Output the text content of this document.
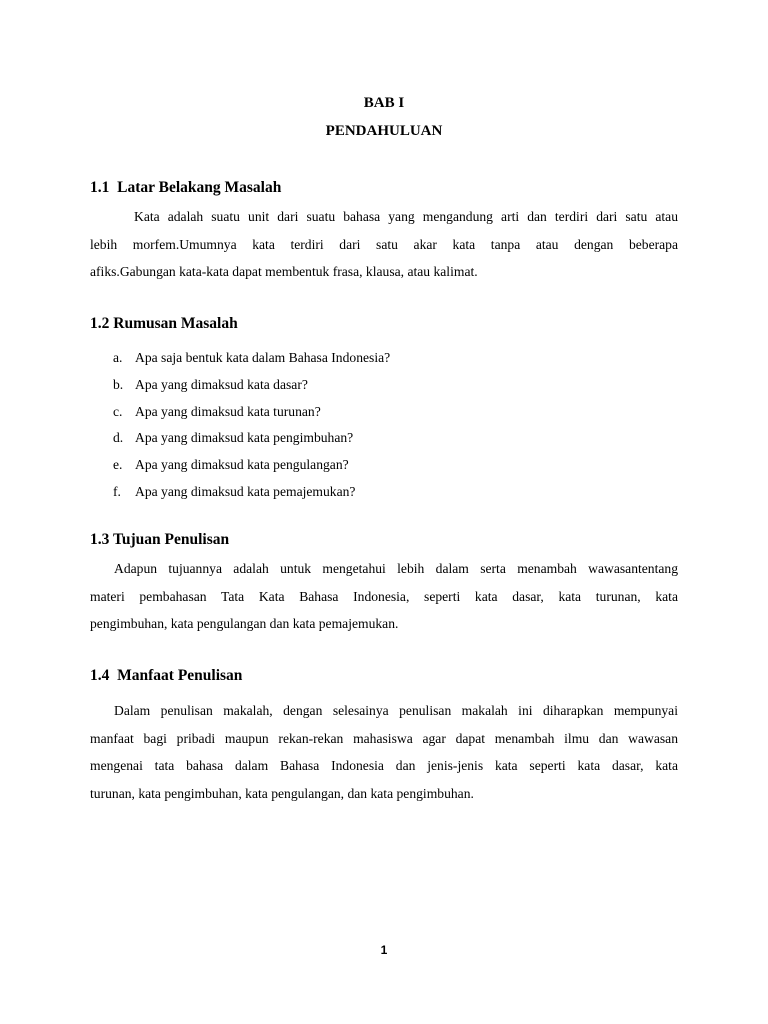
BAB I
PENDAHULUAN
1.1  Latar Belakang Masalah
Kata adalah suatu unit dari suatu bahasa yang mengandung arti dan terdiri dari satu atau
lebih morfem.Umumnya kata terdiri dari satu akar kata tanpa atau dengan beberapa
afiks.Gabungan kata-kata dapat membentuk frasa, klausa, atau kalimat.
1.2 Rumusan Masalah
a. Apa saja bentuk kata dalam Bahasa Indonesia?
b. Apa yang dimaksud kata dasar?
c. Apa yang dimaksud kata turunan?
d. Apa yang dimaksud kata pengimbuhan?
e. Apa yang dimaksud kata pengulangan?
f. Apa yang dimaksud kata pemajemukan?
1.3 Tujuan Penulisan
Adapun tujuannya adalah untuk mengetahui lebih dalam serta menambah wawasantentang
materi pembahasan Tata Kata Bahasa Indonesia, seperti kata dasar, kata turunan, kata
pengimbuhan, kata pengulangan dan kata pemajemukan.
1.4  Manfaat Penulisan
Dalam penulisan makalah, dengan selesainya penulisan makalah ini diharapkan mempunyai
manfaat bagi pribadi maupun rekan-rekan mahasiswa agar dapat menambah ilmu dan wawasan
mengenai tata bahasa dalam Bahasa Indonesia dan jenis-jenis kata seperti kata dasar, kata
turunan, kata pengimbuhan, kata pengulangan, dan kata pengimbuhan.
1
